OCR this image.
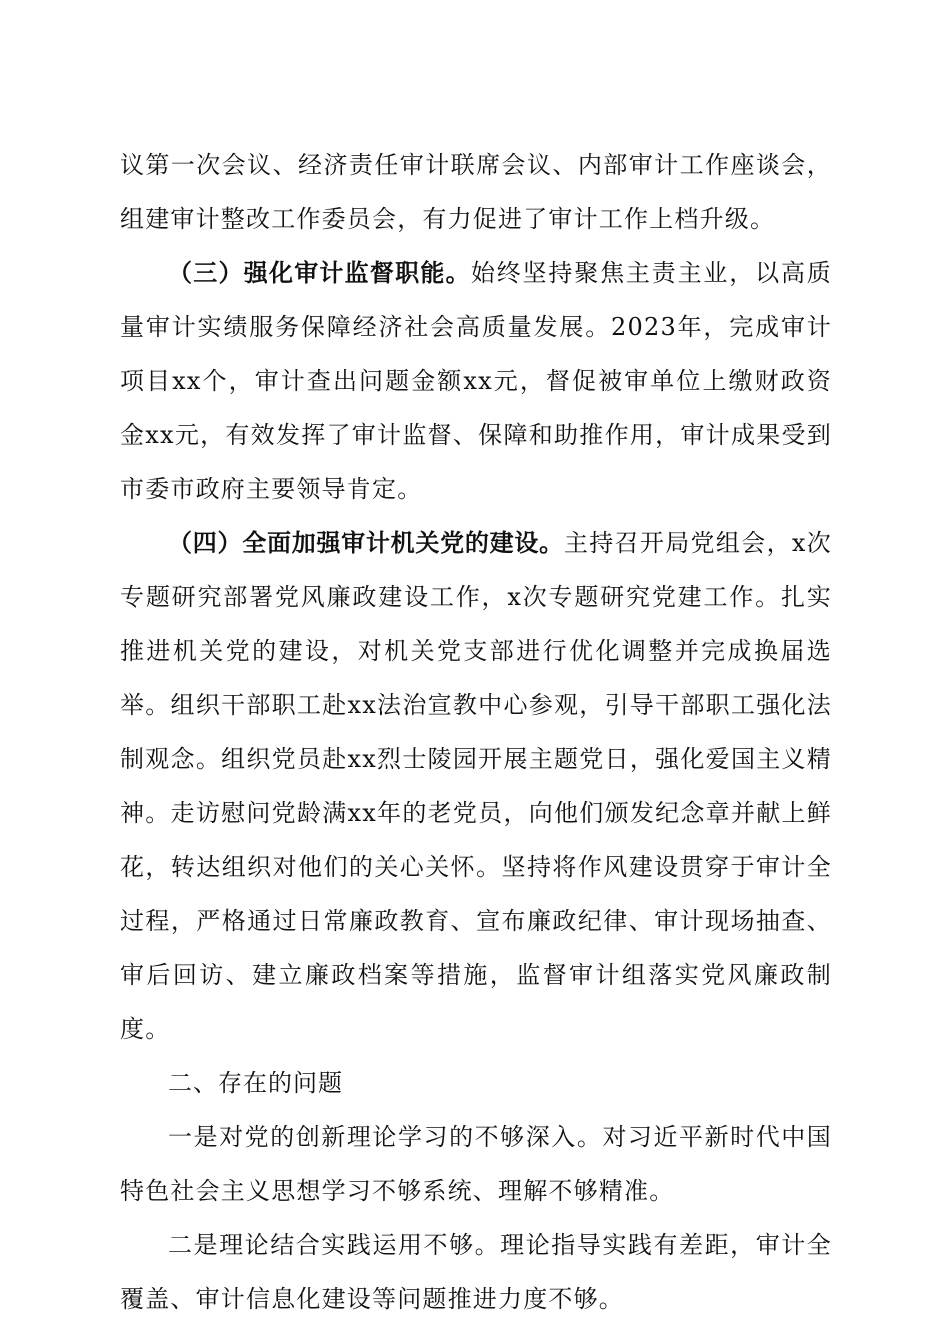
议第一次会议、经济责任审计联席会议、内部审计工作座谈会，组建审计整改工作委员会，有力促进了审计工作上档升级。

（三）强化审计监督职能。始终坚持聚焦主责主业，以高质量审计实绩服务保障经济社会高质量发展。2023年，完成审计项目xx个，审计查出问题金额xx元，督促被审单位上缴财政资金xx元，有效发挥了审计监督、保障和助推作用，审计成果受到市委市政府主要领导肯定。

（四）全面加强审计机关党的建设。主持召开局党组会，x次专题研究部署党风廉政建设工作，x次专题研究党建工作。扎实推进机关党的建设，对机关党支部进行优化调整并完成换届选举。组织干部职工赴xx法治宣教中心参观，引导干部职工强化法制观念。组织党员赴xx烈士陵园开展主题党日，强化爱国主义精神。走访慰问党龄满xx年的老党员，向他们颁发纪念章并献上鲜花，转达组织对他们的关心关怀。坚持将作风建设贯穿于审计全过程，严格通过日常廉政教育、宣布廉政纪律、审计现场抽查、审后回访、建立廉政档案等措施，监督审计组落实党风廉政制度。

二、存在的问题

一是对党的创新理论学习的不够深入。对习近平新时代中国特色社会主义思想学习不够系统、理解不够精准。

二是理论结合实践运用不够。理论指导实践有差距，审计全覆盖、审计信息化建设等问题推进力度不够。
